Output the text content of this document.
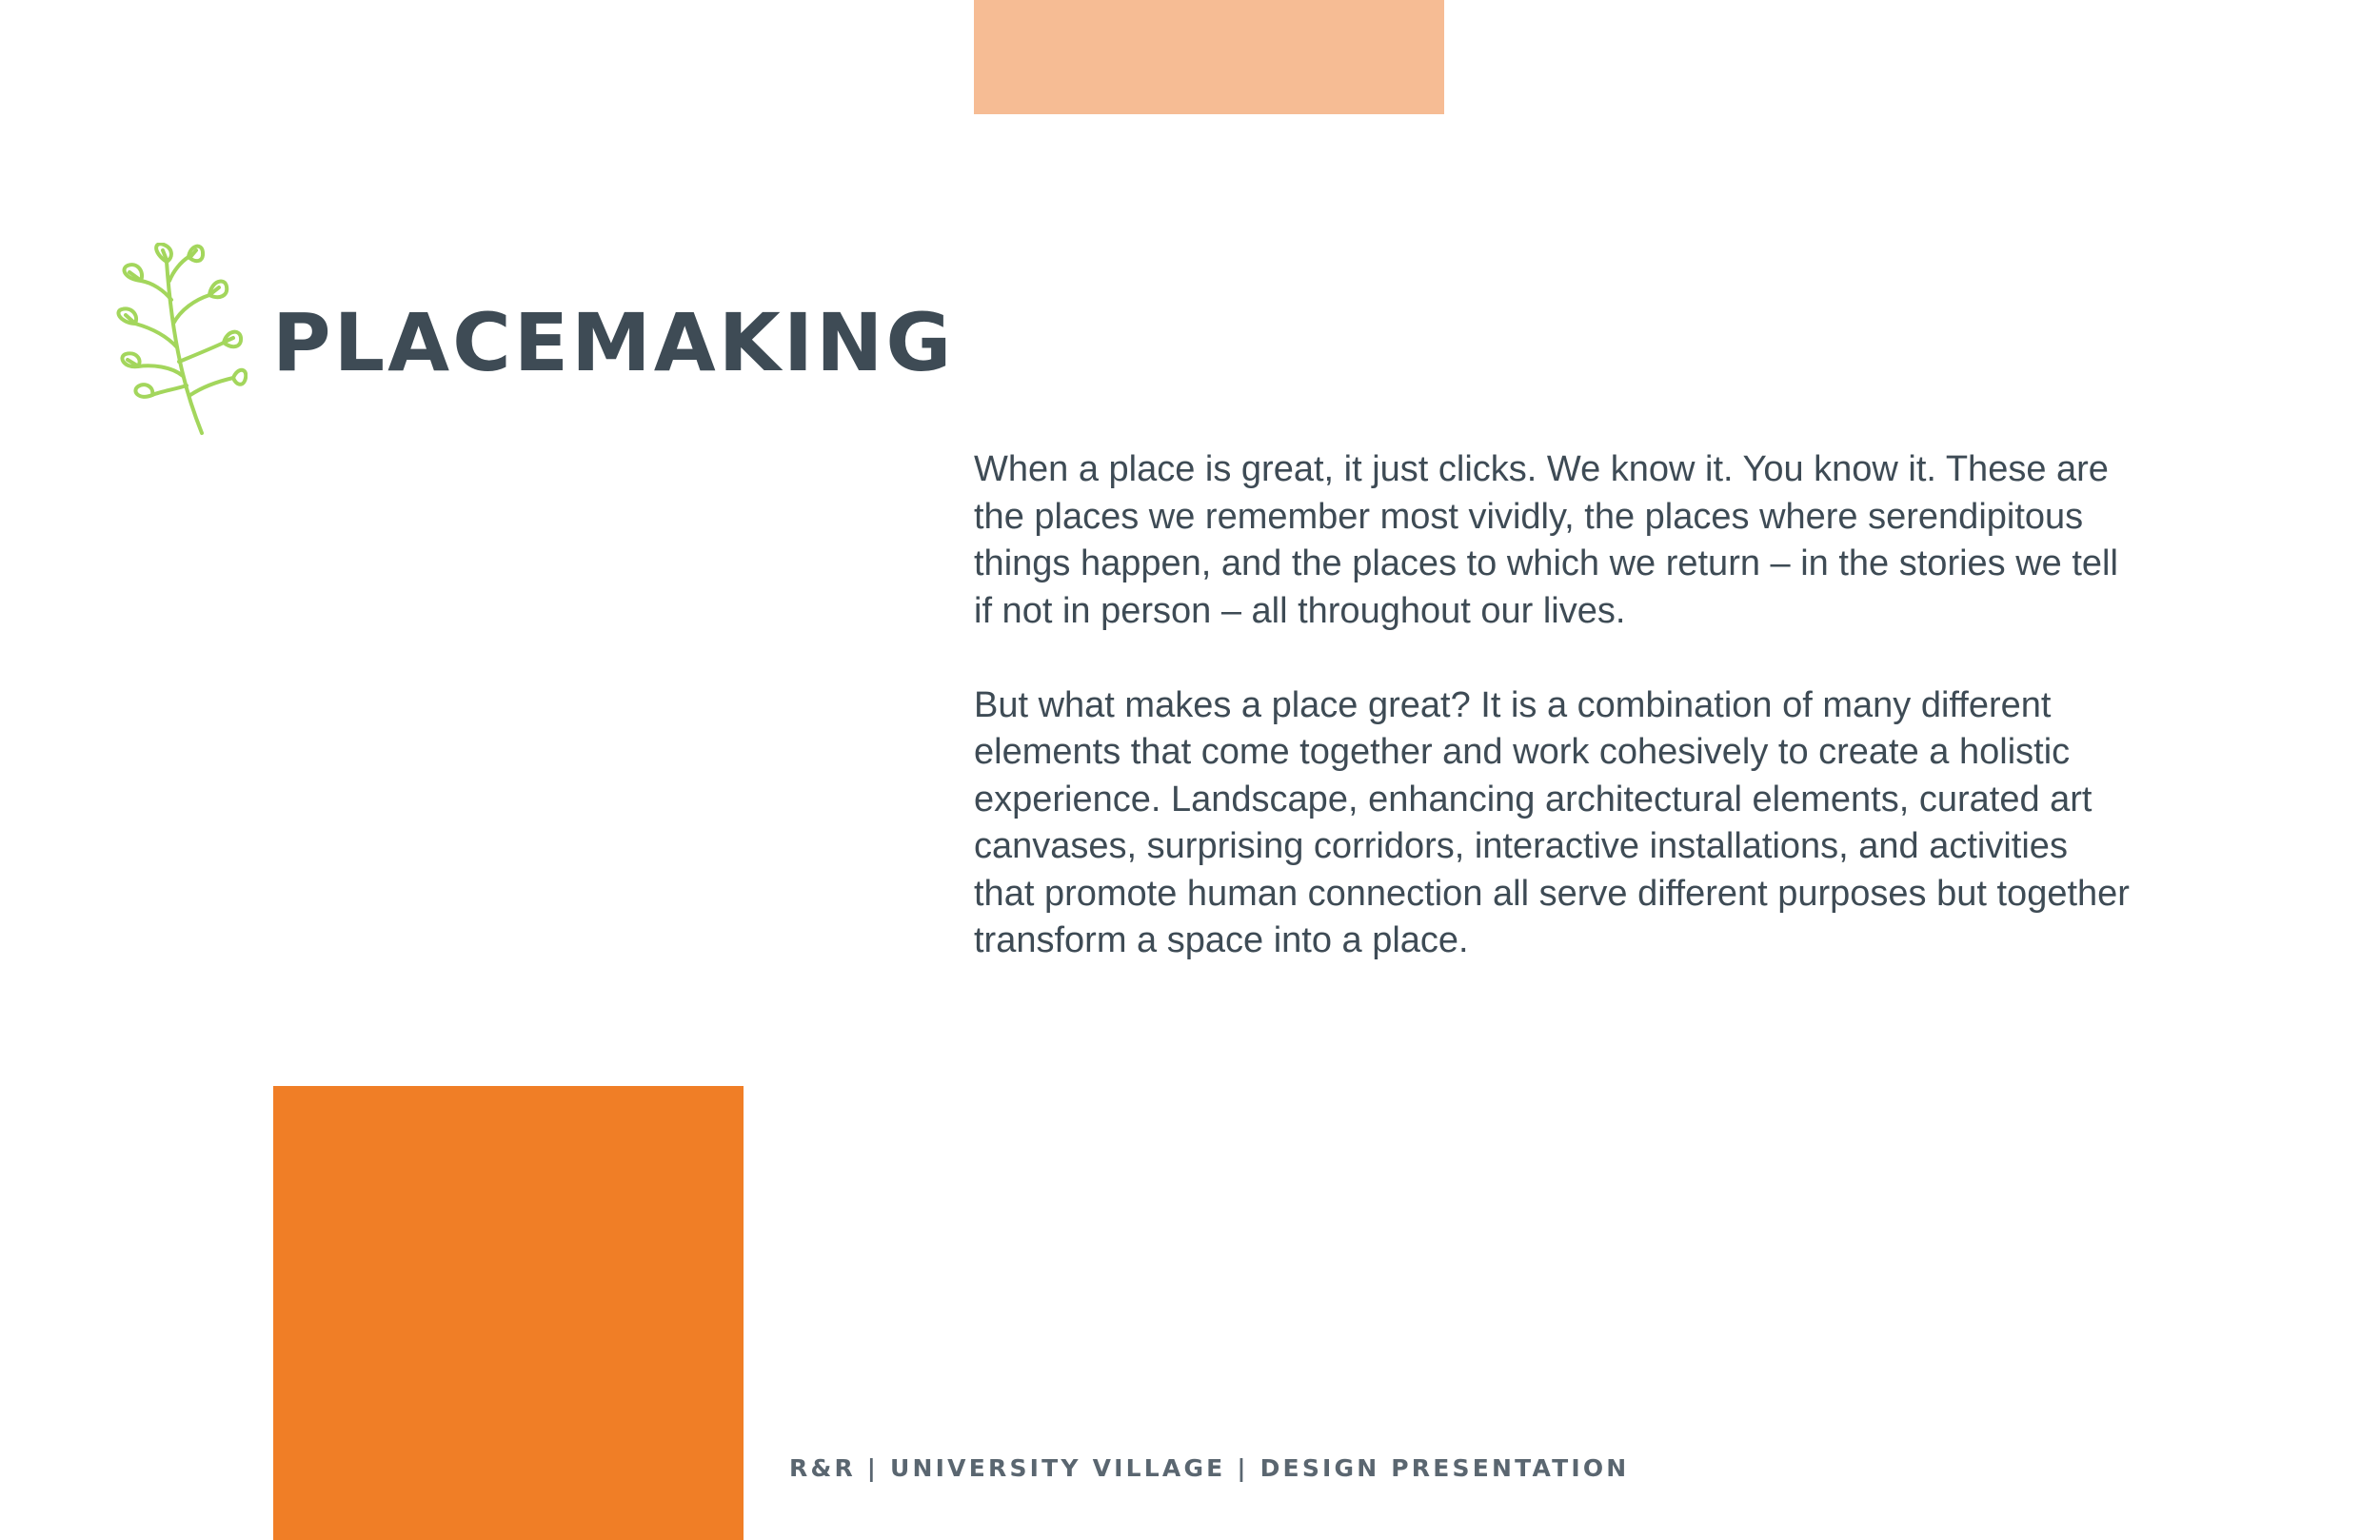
PLACEMAKING

When a place is great, it just clicks. We know it. You know it. These are the places we remember most vividly, the places where serendipitous things happen, and the places to which we return – in the stories we tell if not in person – all throughout our lives.

But what makes a place great? It is a combination of many different elements that come together and work cohesively to create a holistic experience. Landscape, enhancing architectural elements, curated art canvases, surprising corridors, interactive installations, and activities that promote human connection all serve different purposes but together transform a space into a place.

R&R | UNIVERSITY VILLAGE | DESIGN PRESENTATION
